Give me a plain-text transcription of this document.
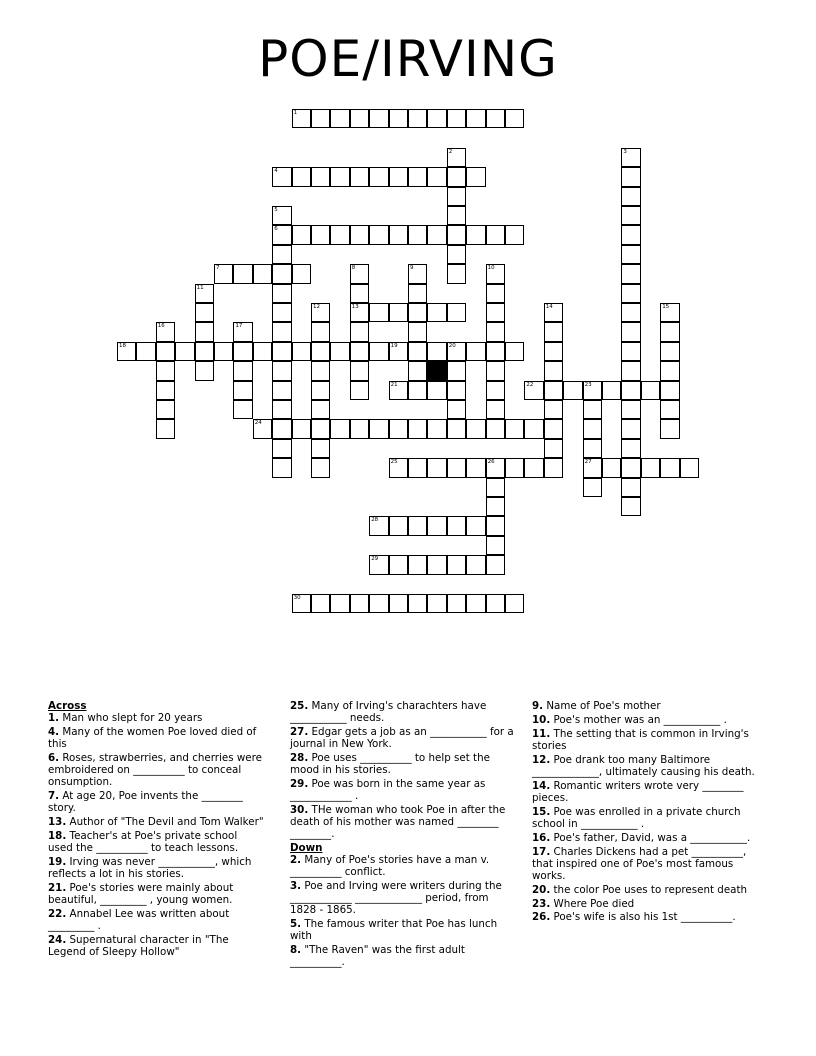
POE/IRVING
1
4
6
7
13
18	19	20
21	22	23
24
25	26	27
28
29
30
2	3
5
8	9	10
11
12	14	15
16	17
Across
1. Man who slept for 20 years
4. Many of the women Poe loved died of this
6. Roses, strawberries, and cherries were embroidered on __________ to conceal onsumption.
7. At age 20, Poe invents the ________ story.
13. Author of "The Devil and Tom Walker"
18. Teacher's at Poe's private school used the __________ to teach lessons.
19. Irving was never ___________, which reflects a lot in his stories.
21. Poe's stories were mainly about beautiful, _________ , young women.
22. Annabel Lee was written about _________ .
24. Supernatural character in "The Legend of Sleepy Hollow"
25. Many of Irving's charachters have ___________ needs.
27. Edgar gets a job as an ___________ for a journal in New York.
28. Poe uses __________ to help set the mood in his stories.
29. Poe was born in the same year as ____________ .
30. THe woman who took Poe in after the death of his mother was named ________ ________.
Down
2. Many of Poe's stories have a man v. __________ conflict.
3. Poe and Irving were writers during the ____________ _____________ period, from 1828 - 1865.
5. The famous writer that Poe has lunch with
8. "The Raven" was the first adult __________.
9. Name of Poe's mother
10. Poe's mother was an ___________ .
11. The setting that is common in Irving's stories
12. Poe drank too many Baltimore _____________, ultimately causing his death.
14. Romantic writers wrote very ________ pieces.
15. Poe was enrolled in a private church school in ___________ .
16. Poe's father, David, was a ___________.
17. Charles Dickens had a pet __________, that inspired one of Poe's most famous works.
20. the color Poe uses to represent death
23. Where Poe died
26. Poe's wife is also his 1st __________.
